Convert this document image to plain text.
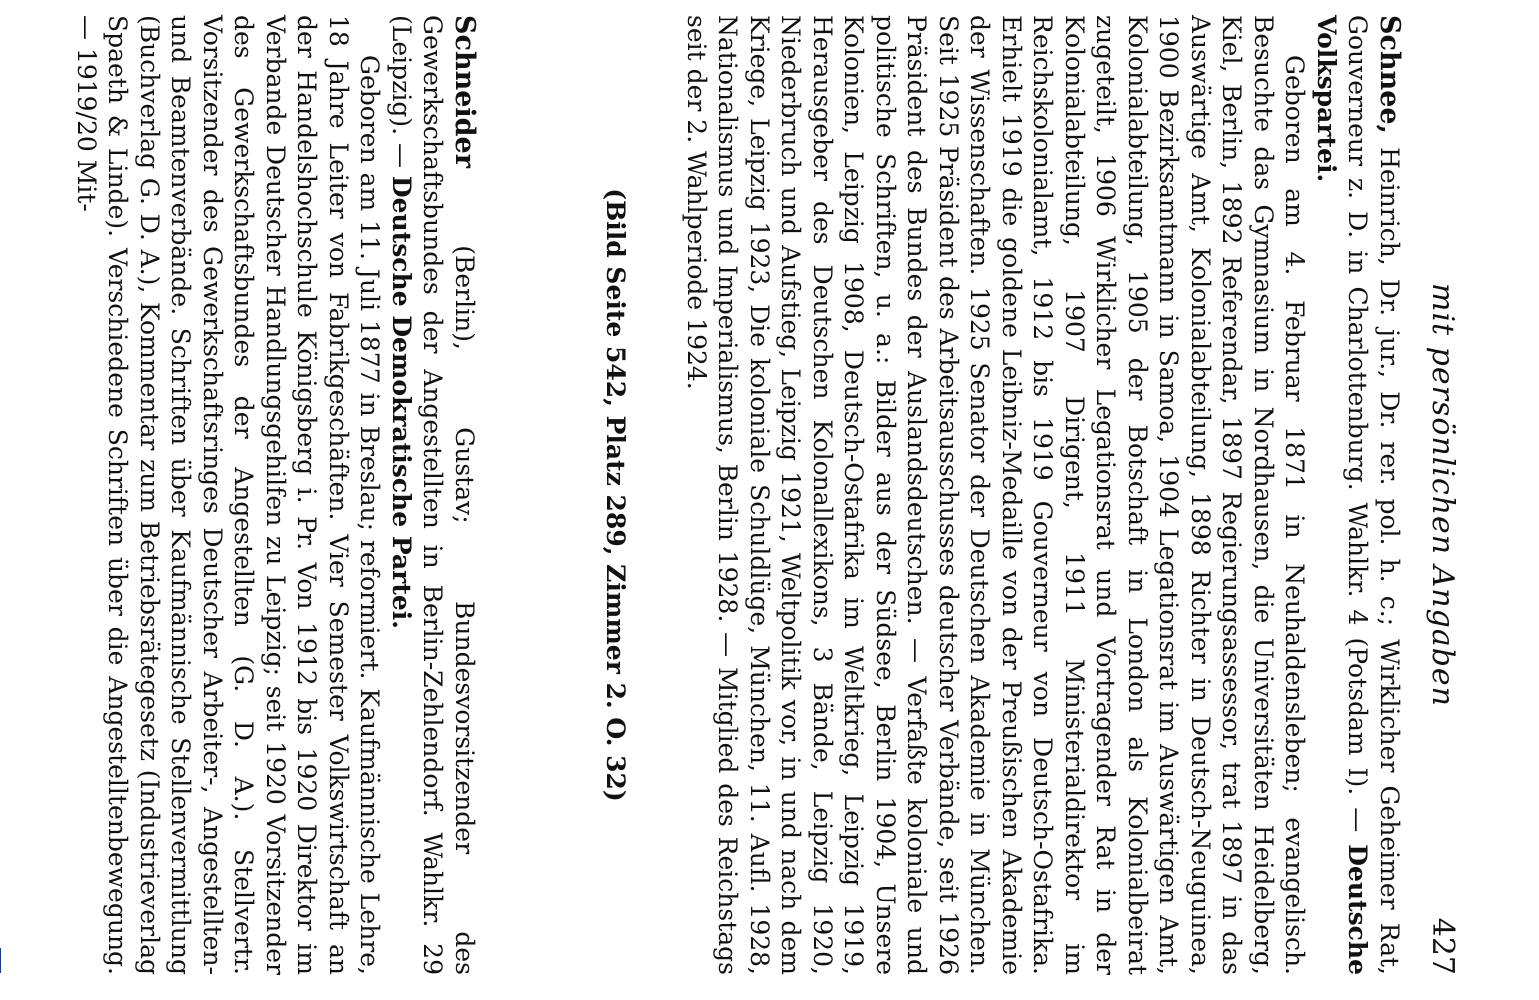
mit persönlichen Angaben
427

Schnee, Heinrich, Dr. jur., Dr. rer. pol. h. c.; Wirklicher Geheimer Rat, Gouverneur z. D. in Charlottenburg. Wahlkr. 4 (Potsdam I). — Deutsche Volkspartei.

Geboren am 4. Februar 1871 in Neuhaldensleben; evangelisch. Besuchte das Gymnasium in Nordhausen, die Universitäten Heidelberg, Kiel, Berlin, 1892 Referendar, 1897 Regierungsassessor, trat 1897 in das Auswärtige Amt, Kolonialabteilung, 1898 Richter in Deutsch-Neuguinea, 1900 Bezirksamtmann in Samoa, 1904 Legationsrat im Auswärtigen Amt, Kolonialabteilung, 1905 der Botschaft in London als Kolonialbeirat zugeteilt, 1906 Wirklicher Legationsrat und Vortragender Rat in der Kolonialabteilung, 1907 Dirigent, 1911 Ministerialdirektor im Reichskolonialamt, 1912 bis 1919 Gouverneur von Deutsch-Ostafrika. Erhielt 1919 die goldene Leibniz-Medaille von der Preußischen Akademie der Wissenschaften. 1925 Senator der Deutschen Akademie in München. Seit 1925 Präsident des Arbeitsausschusses deutscher Verbände, seit 1926 Präsident des Bundes der Auslandsdeutschen. — Verfaßte koloniale und politische Schriften, u. a.: Bilder aus der Südsee, Berlin 1904, Unsere Kolonien, Leipzig 1908, Deutsch-Ostafrika im Weltkrieg, Leipzig 1919, Herausgeber des Deutschen Kolonallexikons, 3 Bände, Leipzig 1920, Niederbruch und Aufstieg, Leipzig 1921, Weltpolitik vor, in und nach dem Kriege, Leipzig 1923, Die koloniale Schuldlüge, München, 11. Aufl. 1928, Nationalismus und Imperialismus, Berlin 1928. — Mitglied des Reichstags seit der 2. Wahlperiode 1924.

(Bild Seite 542, Platz 289, Zimmer 2. O. 32)

Schneider (Berlin), Gustav; Bundesvorsitzender des Gewerkschaftsbundes der Angestellten in Berlin-Zehlendorf. Wahlkr. 29 (Leipzig). — Deutsche Demokratische Partei.

Geboren am 11. Juli 1877 in Breslau; reformiert. Kaufmännische Lehre, 18 Jahre Leiter von Fabrikgeschäften. Vier Semester Volkswirtschaft an der Handelshochschule Königsberg i. Pr. Von 1912 bis 1920 Direktor im Verbande Deutscher Handlungsgehilfen zu Leipzig; seit 1920 Vorsitzender des Gewerkschaftsbundes der Angestellten (G. D. A.). Stellvertr. Vorsitzender des Gewerkschaftsringes Deutscher Arbeiter-, Angestellten- und Beamtenverbände. Schriften über Kaufmännische Stellenvermittlung (Buchverlag G. D. A.), Kommentar zum Betriebsrätegesetz (Industrieverlag Spaeth & Linde). Verschiedene Schriften über die Angestelltenbewegung. — 1919/20 Mit-
